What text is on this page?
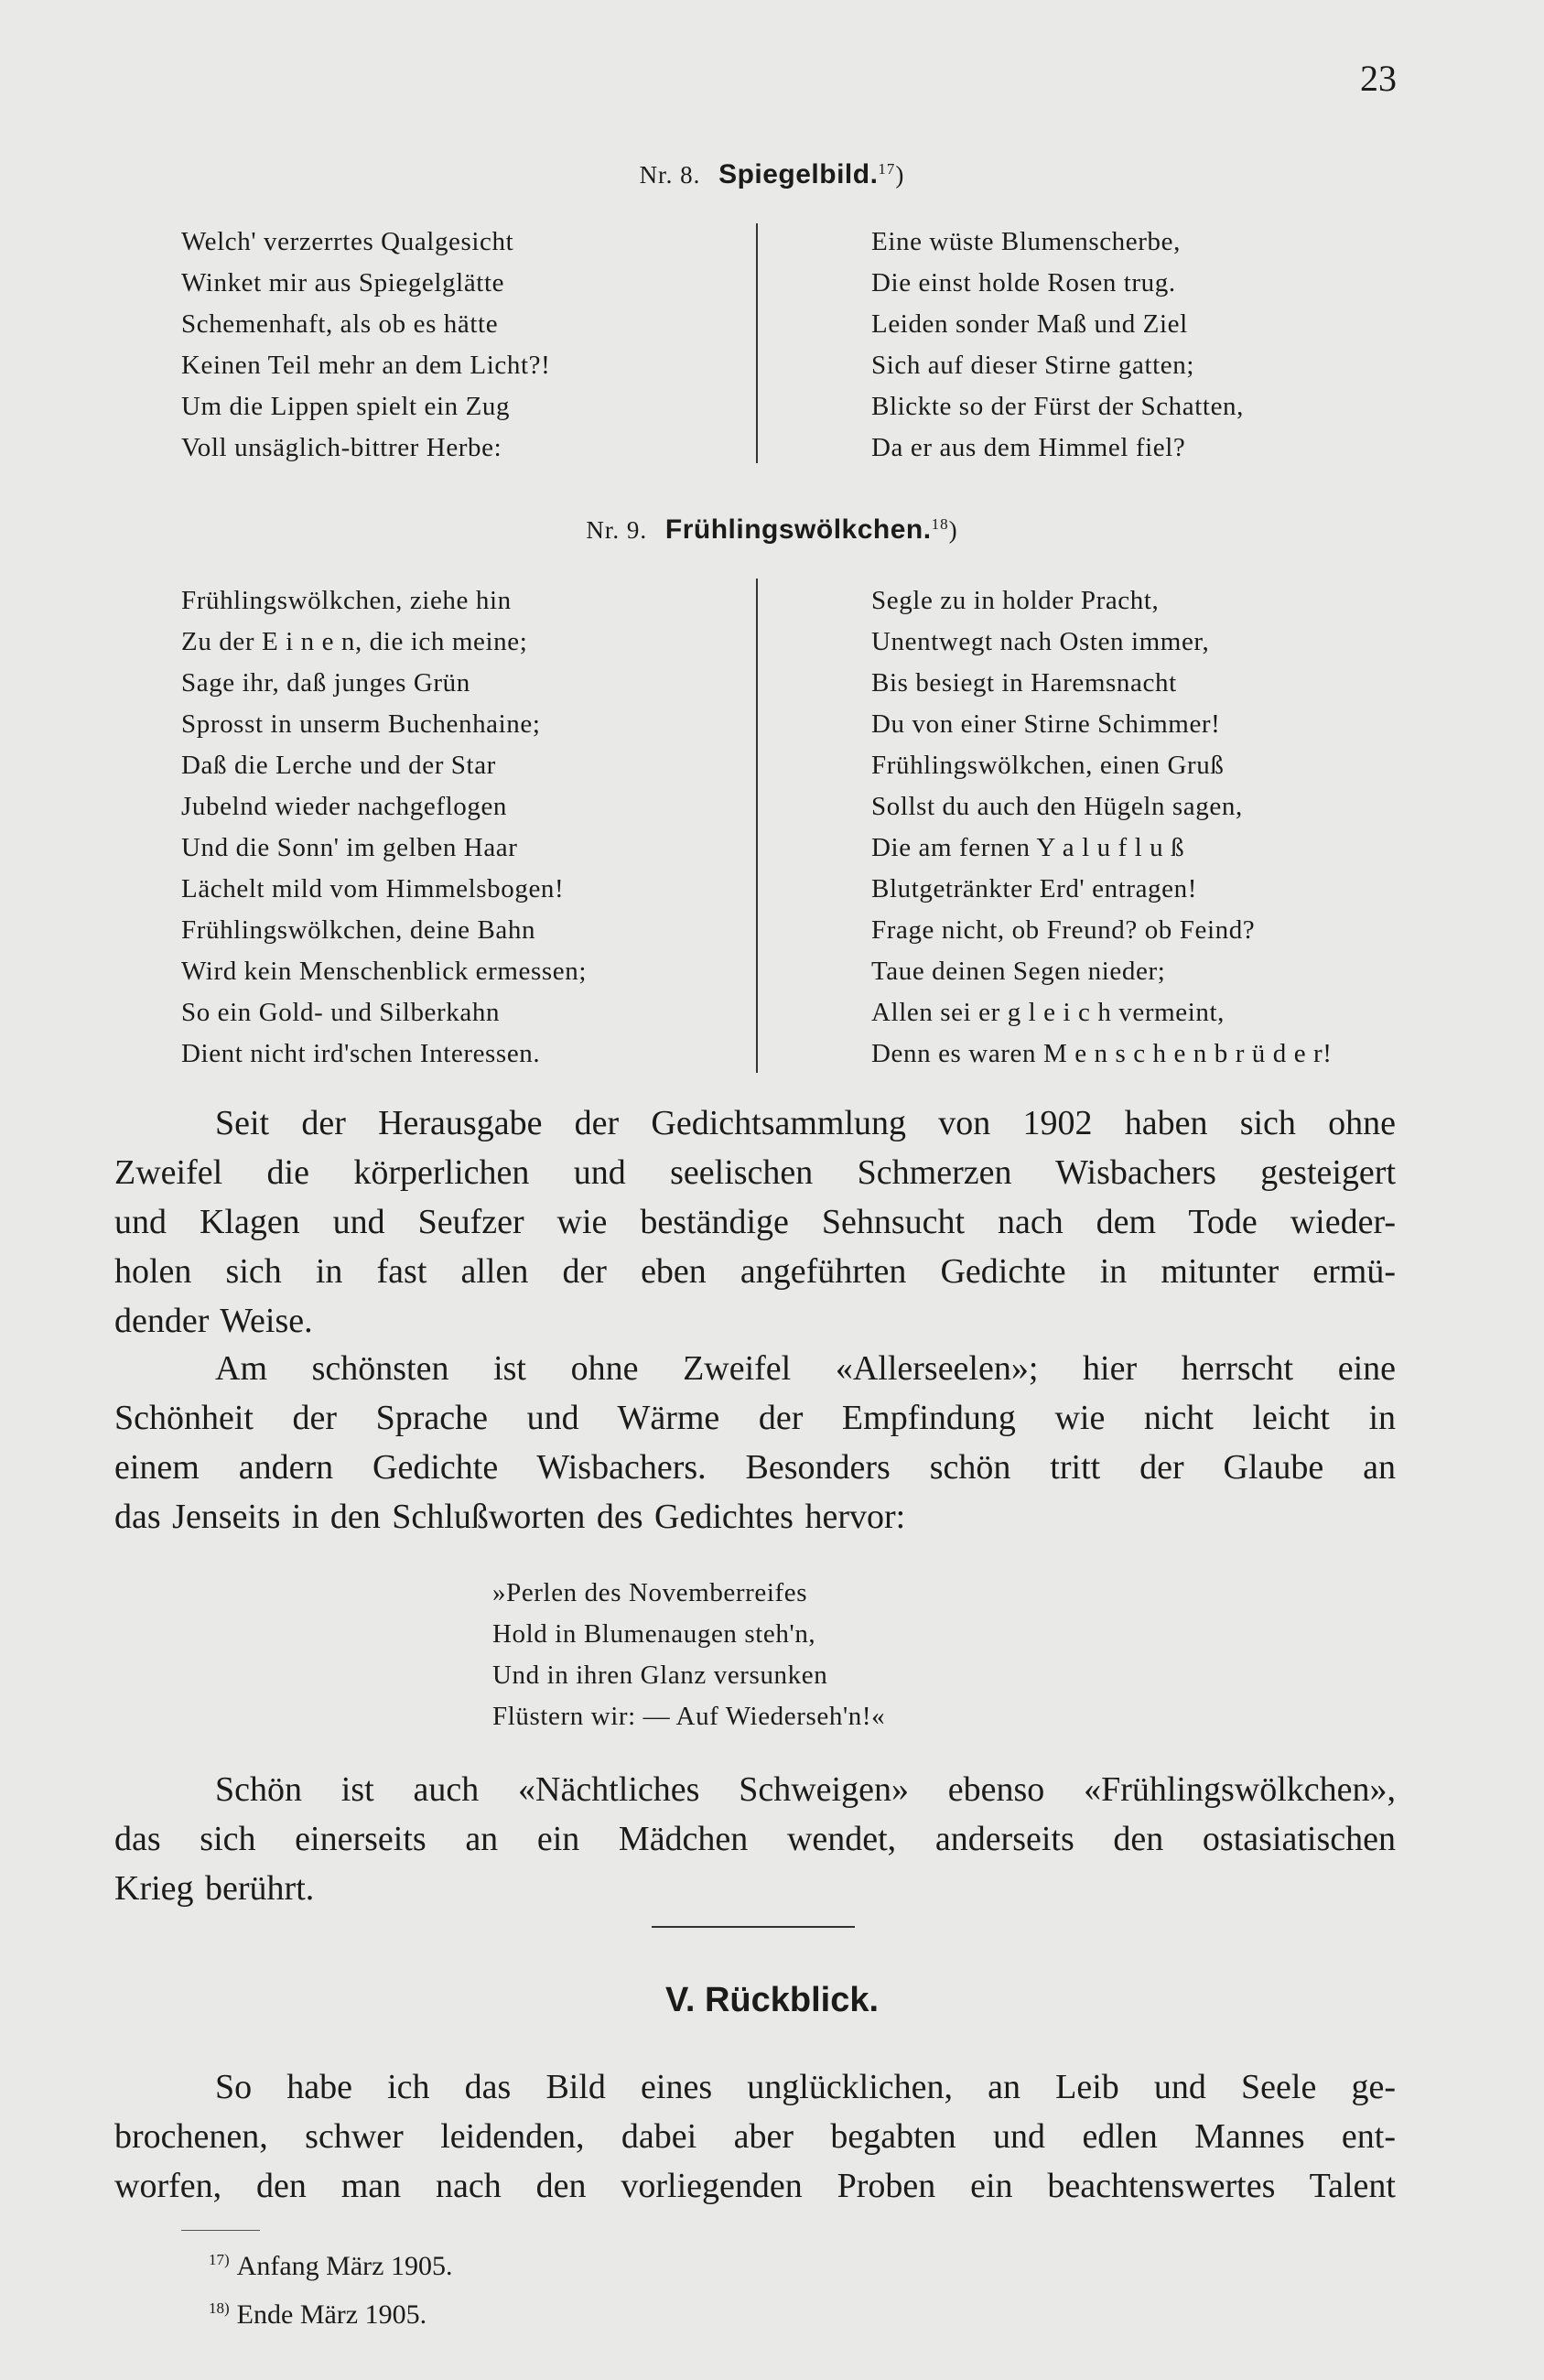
23
Nr. 8. Spiegelbild.$^{17}$)
Welch' verzerrtes Qualgesicht
Winket mir aus Spiegelglätte
Schemenhaft, als ob es hätte
Keinen Teil mehr an dem Licht?!
Um die Lippen spielt ein Zug
Voll unsäglich-bittrer Herbe:
Eine wüste Blumenscherbe,
Die einst holde Rosen trug.
Leiden sonder Maß und Ziel
Sich auf dieser Stirne gatten;
Blickte so der Fürst der Schatten,
Da er aus dem Himmel fiel?
Nr. 9. Frühlingswölkchen.$^{18}$)
Frühlingswölkchen, ziehe hin
Zu der E i n e n, die ich meine;
Sage ihr, daß junges Grün
Sprosst in unserm Buchenhaine;
Daß die Lerche und der Star
Jubelnd wieder nachgeflogen
Und die Sonn' im gelben Haar
Lächelt mild vom Himmelsbogen!
Frühlingswölkchen, deine Bahn
Wird kein Menschenblick ermessen;
So ein Gold- und Silberkahn
Dient nicht ird'schen Interessen.
Segle zu in holder Pracht,
Unentwegt nach Osten immer,
Bis besiegt in Haremsnacht
Du von einer Stirne Schimmer!
Frühlingswölkchen, einen Gruß
Sollst du auch den Hügeln sagen,
Die am fernen Y a l u f l u ß
Blutgetränkter Erd' entragen!
Frage nicht, ob Freund? ob Feind?
Taue deinen Segen nieder;
Allen sei er g l e i c h vermeint,
Denn es waren M e n s c h e n b r ü d e r!

Seit der Herausgabe der Gedichtsammlung von 1902 haben sich ohne
Zweifel die körperlichen und seelischen Schmerzen Wisbachers gesteigert
und Klagen und Seufzer wie beständige Sehnsucht nach dem Tode wieder-
holen sich in fast allen der eben angeführten Gedichte in mitunter ermü-
dender Weise.

Am schönsten ist ohne Zweifel «Allerseelen»; hier herrscht eine
Schönheit der Sprache und Wärme der Empfindung wie nicht leicht in
einem andern Gedichte Wisbachers. Besonders schön tritt der Glaube an
das Jenseits in den Schlußworten des Gedichtes hervor:

»Perlen des Novemberreifes
Hold in Blumenaugen steh'n,
Und in ihren Glanz versunken
Flüstern wir: — Auf Wiederseh'n!«

Schön ist auch «Nächtliches Schweigen» ebenso «Frühlingswölkchen»,
das sich einerseits an ein Mädchen wendet, anderseits den ostasiatischen
Krieg berührt.

V. Rückblick.

So habe ich das Bild eines unglücklichen, an Leib und Seele ge-
brochenen, schwer leidenden, dabei aber begabten und edlen Mannes ent-
worfen, den man nach den vorliegenden Proben ein beachtenswertes Talent

$^{17)}$ Anfang März 1905.
$^{18)}$ Ende März 1905.
